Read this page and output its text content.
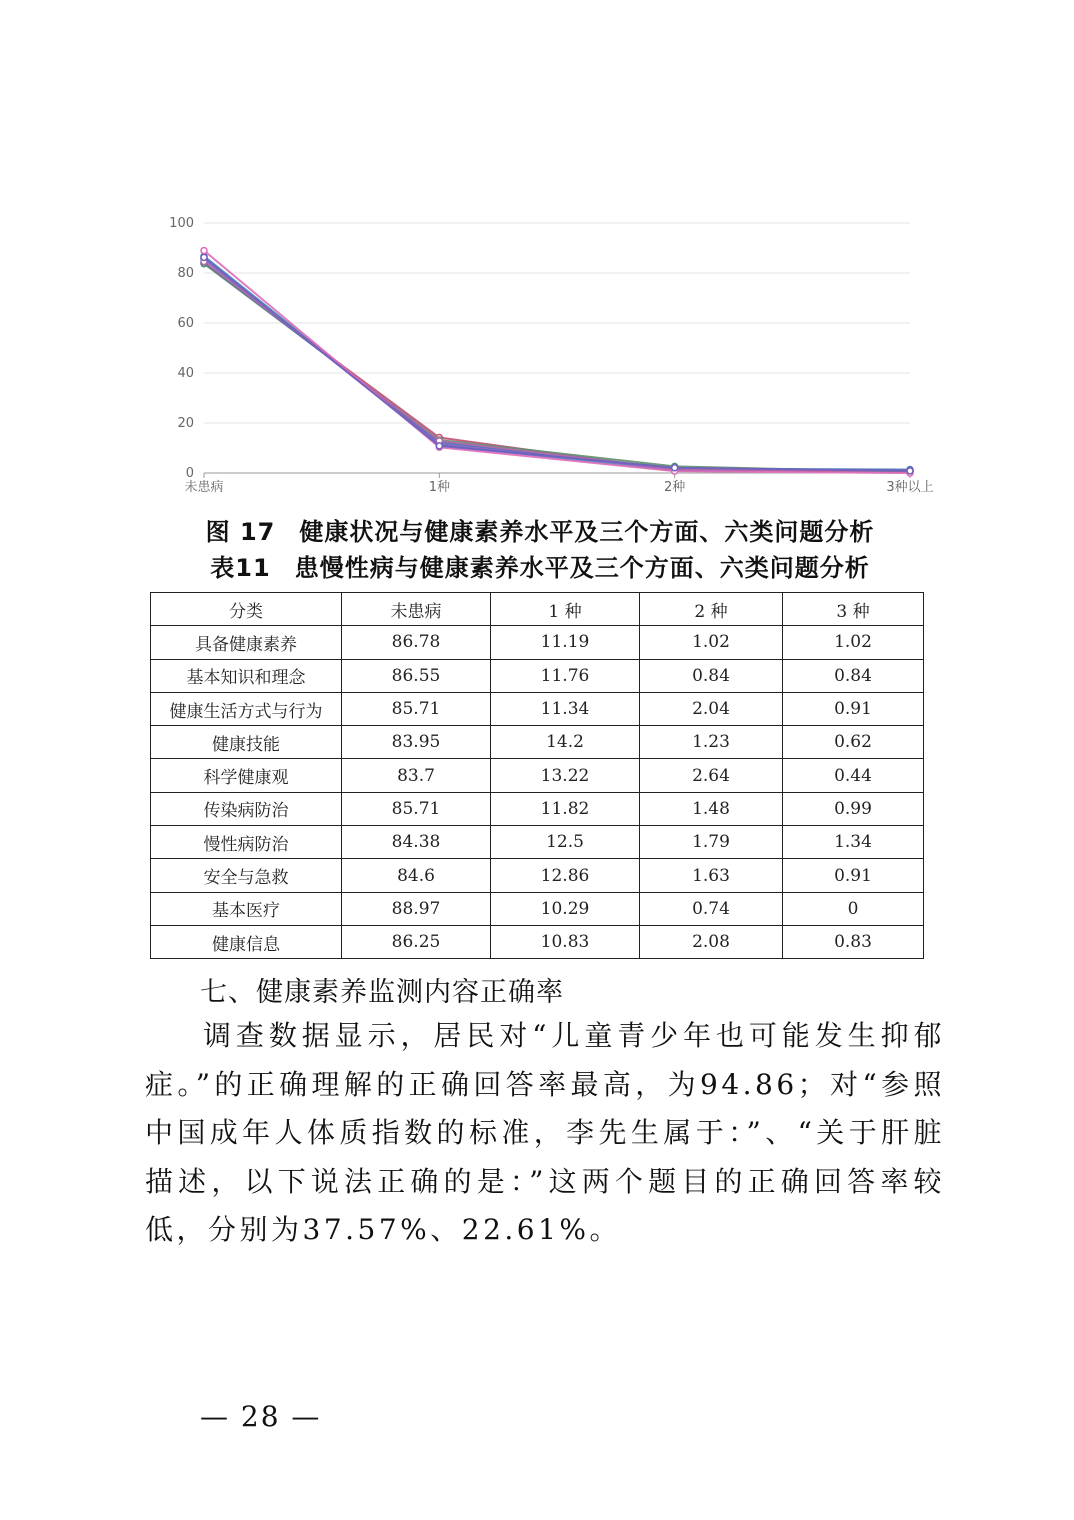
0
20
40
60
80
100
未患病	1种	2种	3种以上
图 17 健康状况与健康素养水平及三个方面、六类问题分析
表11 患慢性病与健康素养水平及三个方面、六类问题分析
分类	未患病	1 种	2 种	3 种
具备健康素养	86.78	11.19	1.02	1.02
基本知识和理念	86.55	11.76	0.84	0.84
健康生活方式与行为	85.71	11.34	2.04	0.91
健康技能	83.95	14.2	1.23	0.62
科学健康观	83.7	13.22	2.64	0.44
传染病防治	85.71	11.82	1.48	0.99
慢性病防治	84.38	12.5	1.79	1.34
安全与急救	84.6	12.86	1.63	0.91
基本医疗	88.97	10.29	0.74	0
健康信息	86.25	10.83	2.08	0.83
七、健康素养监测内容正确率
调查数据显示，居民对“儿童青少年也可能发生抑郁症。”的正确理解的正确回答率最高，为94.86；对“参照中国成年人体质指数的标准，李先生属于：”、“关于肝脏描述，以下说法正确的是：”这两个题目的正确回答率较低，分别为37.57%、22.61%。
— 28 —
